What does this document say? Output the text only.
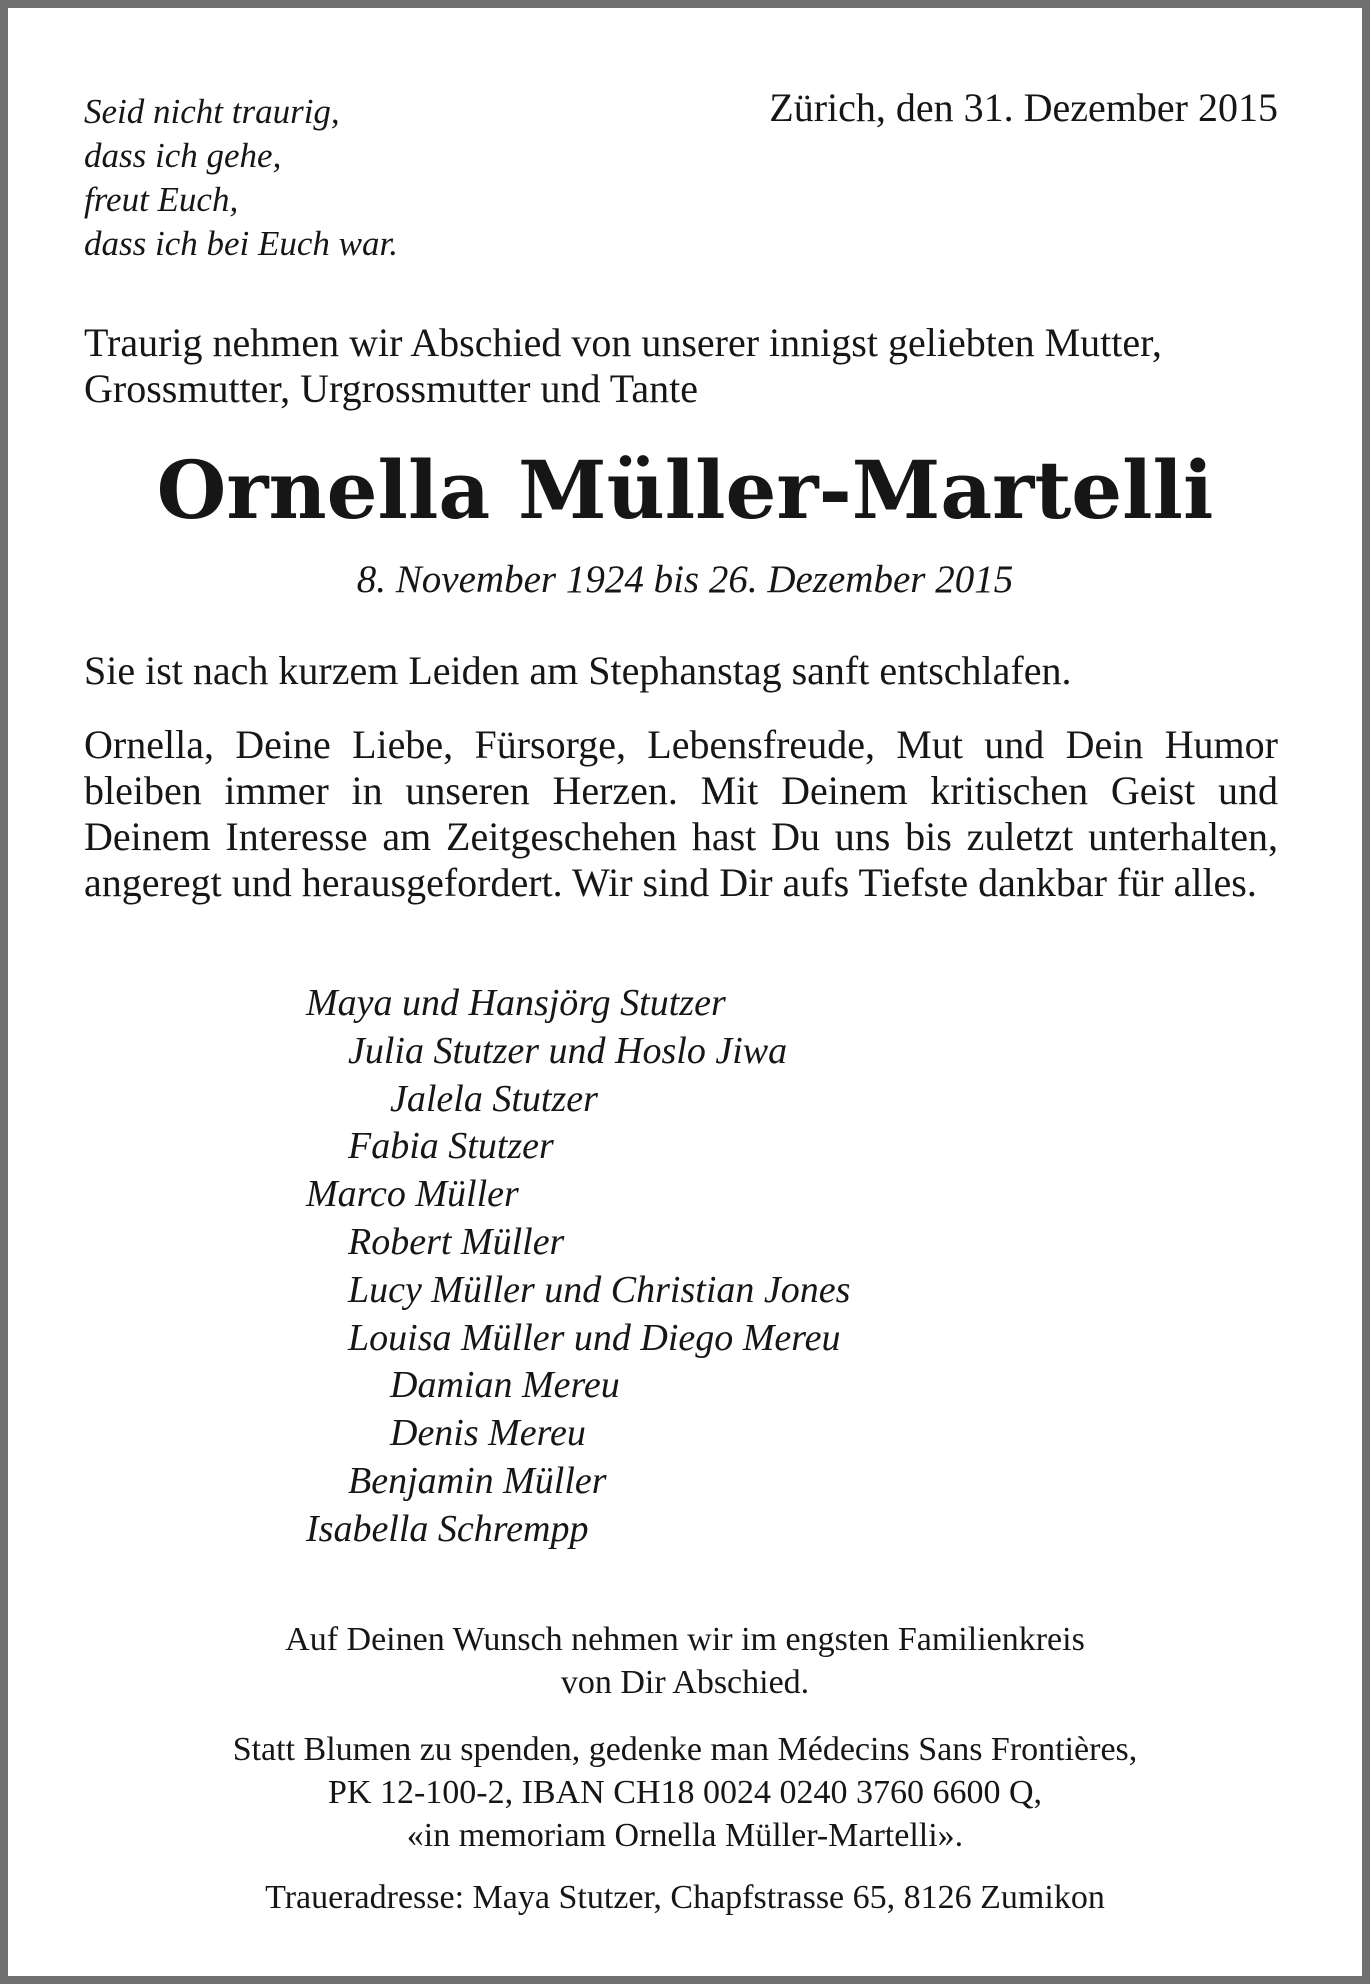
Seid nicht traurig,
dass ich gehe,
freut Euch,
dass ich bei Euch war.
Zürich, den 31. Dezember 2015

Traurig nehmen wir Abschied von unserer innigst geliebten Mutter, Grossmutter, Urgrossmutter und Tante

Ornella Müller-Martelli
8. November 1924 bis 26. Dezember 2015

Sie ist nach kurzem Leiden am Stephanstag sanft entschlafen.

Ornella, Deine Liebe, Fürsorge, Lebensfreude, Mut und Dein Humor bleiben immer in unseren Herzen. Mit Deinem kritischen Geist und Deinem Interesse am Zeitgeschehen hast Du uns bis zuletzt unterhalten, angeregt und herausgefordert. Wir sind Dir aufs Tiefste dankbar für alles.

Maya und Hansjörg Stutzer
Julia Stutzer und Hoslo Jiwa
Jalela Stutzer
Fabia Stutzer
Marco Müller
Robert Müller
Lucy Müller und Christian Jones
Louisa Müller und Diego Mereu
Damian Mereu
Denis Mereu
Benjamin Müller
Isabella Schrempp
Auf Deinen Wunsch nehmen wir im engsten Familienkreis
von Dir Abschied.
Statt Blumen zu spenden, gedenke man Médecins Sans Frontières,
PK 12-100-2, IBAN CH18 0024 0240 3760 6600 Q,
«in memoriam Ornella Müller-Martelli».
Traueradresse: Maya Stutzer, Chapfstrasse 65, 8126 Zumikon
